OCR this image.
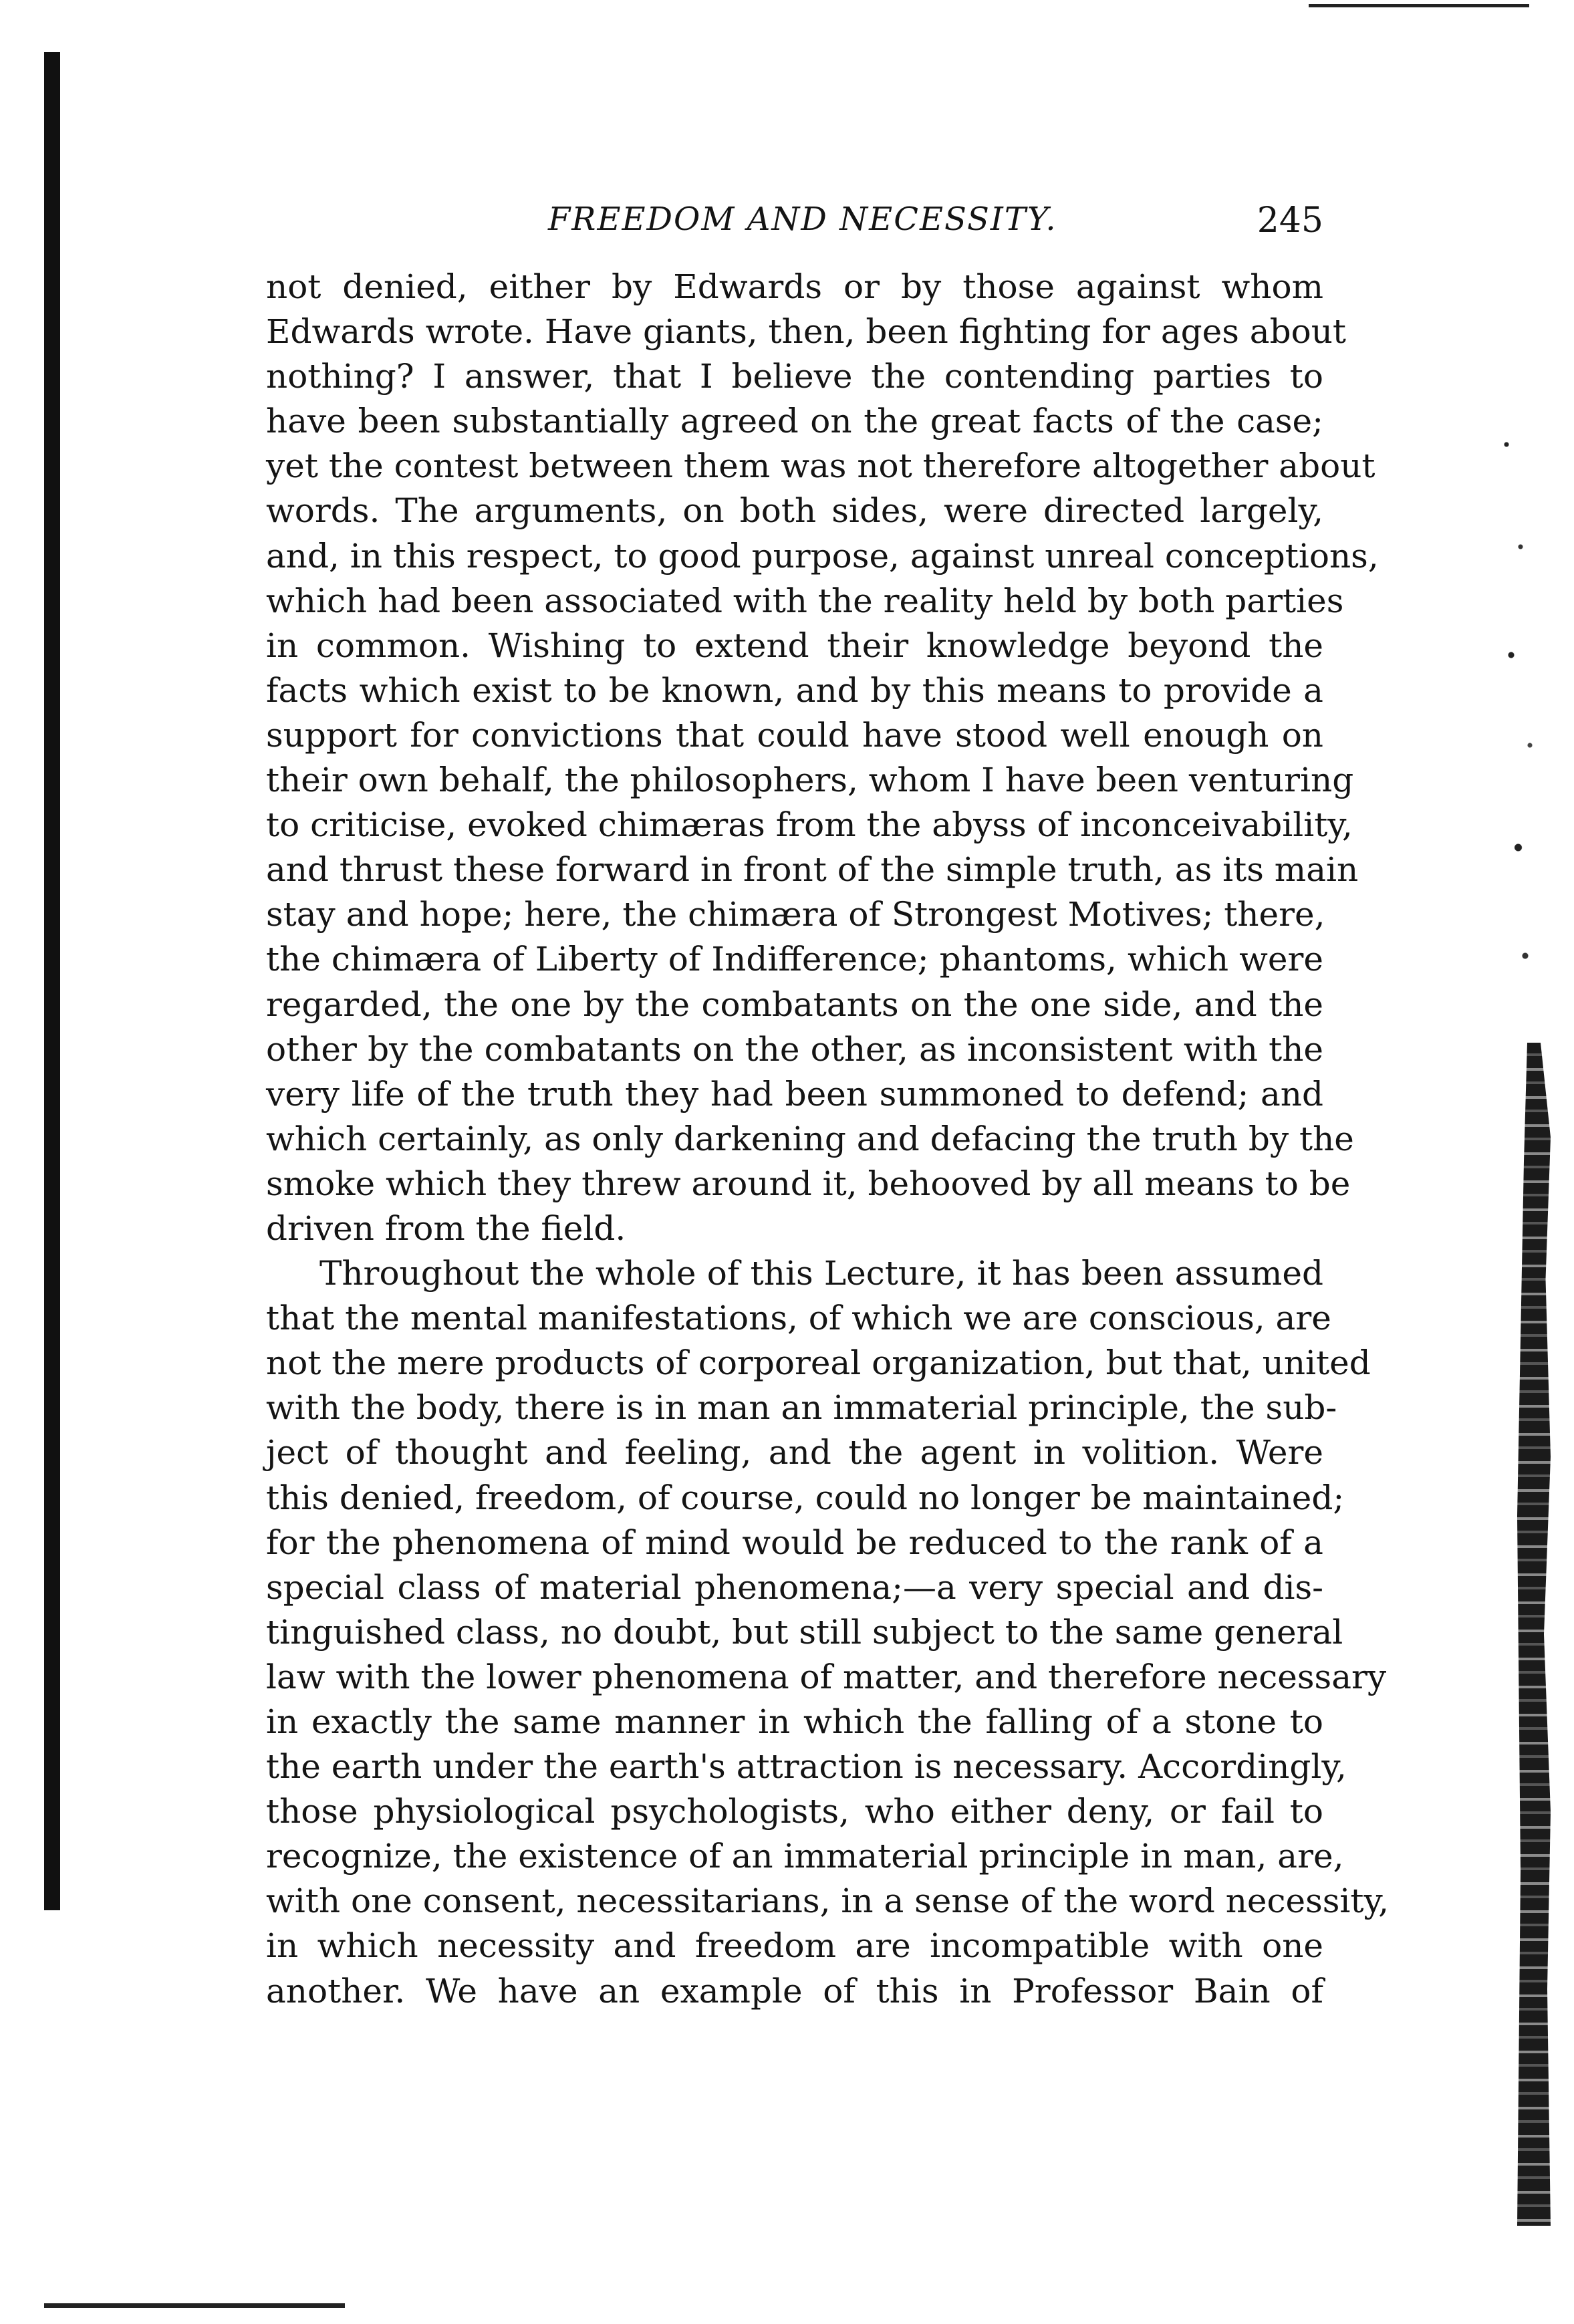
FREEDOM AND NECESSITY.	245
not denied, either by Edwards or by those against whom
Edwards wrote. Have giants, then, been fighting for ages about
nothing? I answer, that I believe the contending parties to
have been substantially agreed on the great facts of the case;
yet the contest between them was not therefore altogether about
words. The arguments, on both sides, were directed largely,
and, in this respect, to good purpose, against unreal conceptions,
which had been associated with the reality held by both parties
in common. Wishing to extend their knowledge beyond the
facts which exist to be known, and by this means to provide a
support for convictions that could have stood well enough on
their own behalf, the philosophers, whom I have been venturing
to criticise, evoked chimæras from the abyss of inconceivability,
and thrust these forward in front of the simple truth, as its main
stay and hope; here, the chimæra of Strongest Motives; there,
the chimæra of Liberty of Indifference; phantoms, which were
regarded, the one by the combatants on the one side, and the
other by the combatants on the other, as inconsistent with the
very life of the truth they had been summoned to defend; and
which certainly, as only darkening and defacing the truth by the
smoke which they threw around it, behooved by all means to be
driven from the field.
Throughout the whole of this Lecture, it has been assumed
that the mental manifestations, of which we are conscious, are
not the mere products of corporeal organization, but that, united
with the body, there is in man an immaterial principle, the sub-
ject of thought and feeling, and the agent in volition. Were
this denied, freedom, of course, could no longer be maintained;
for the phenomena of mind would be reduced to the rank of a
special class of material phenomena;—a very special and dis-
tinguished class, no doubt, but still subject to the same general
law with the lower phenomena of matter, and therefore necessary
in exactly the same manner in which the falling of a stone to
the earth under the earth's attraction is necessary. Accordingly,
those physiological psychologists, who either deny, or fail to
recognize, the existence of an immaterial principle in man, are,
with one consent, necessitarians, in a sense of the word necessity,
in which necessity and freedom are incompatible with one
another. We have an example of this in Professor Bain of
